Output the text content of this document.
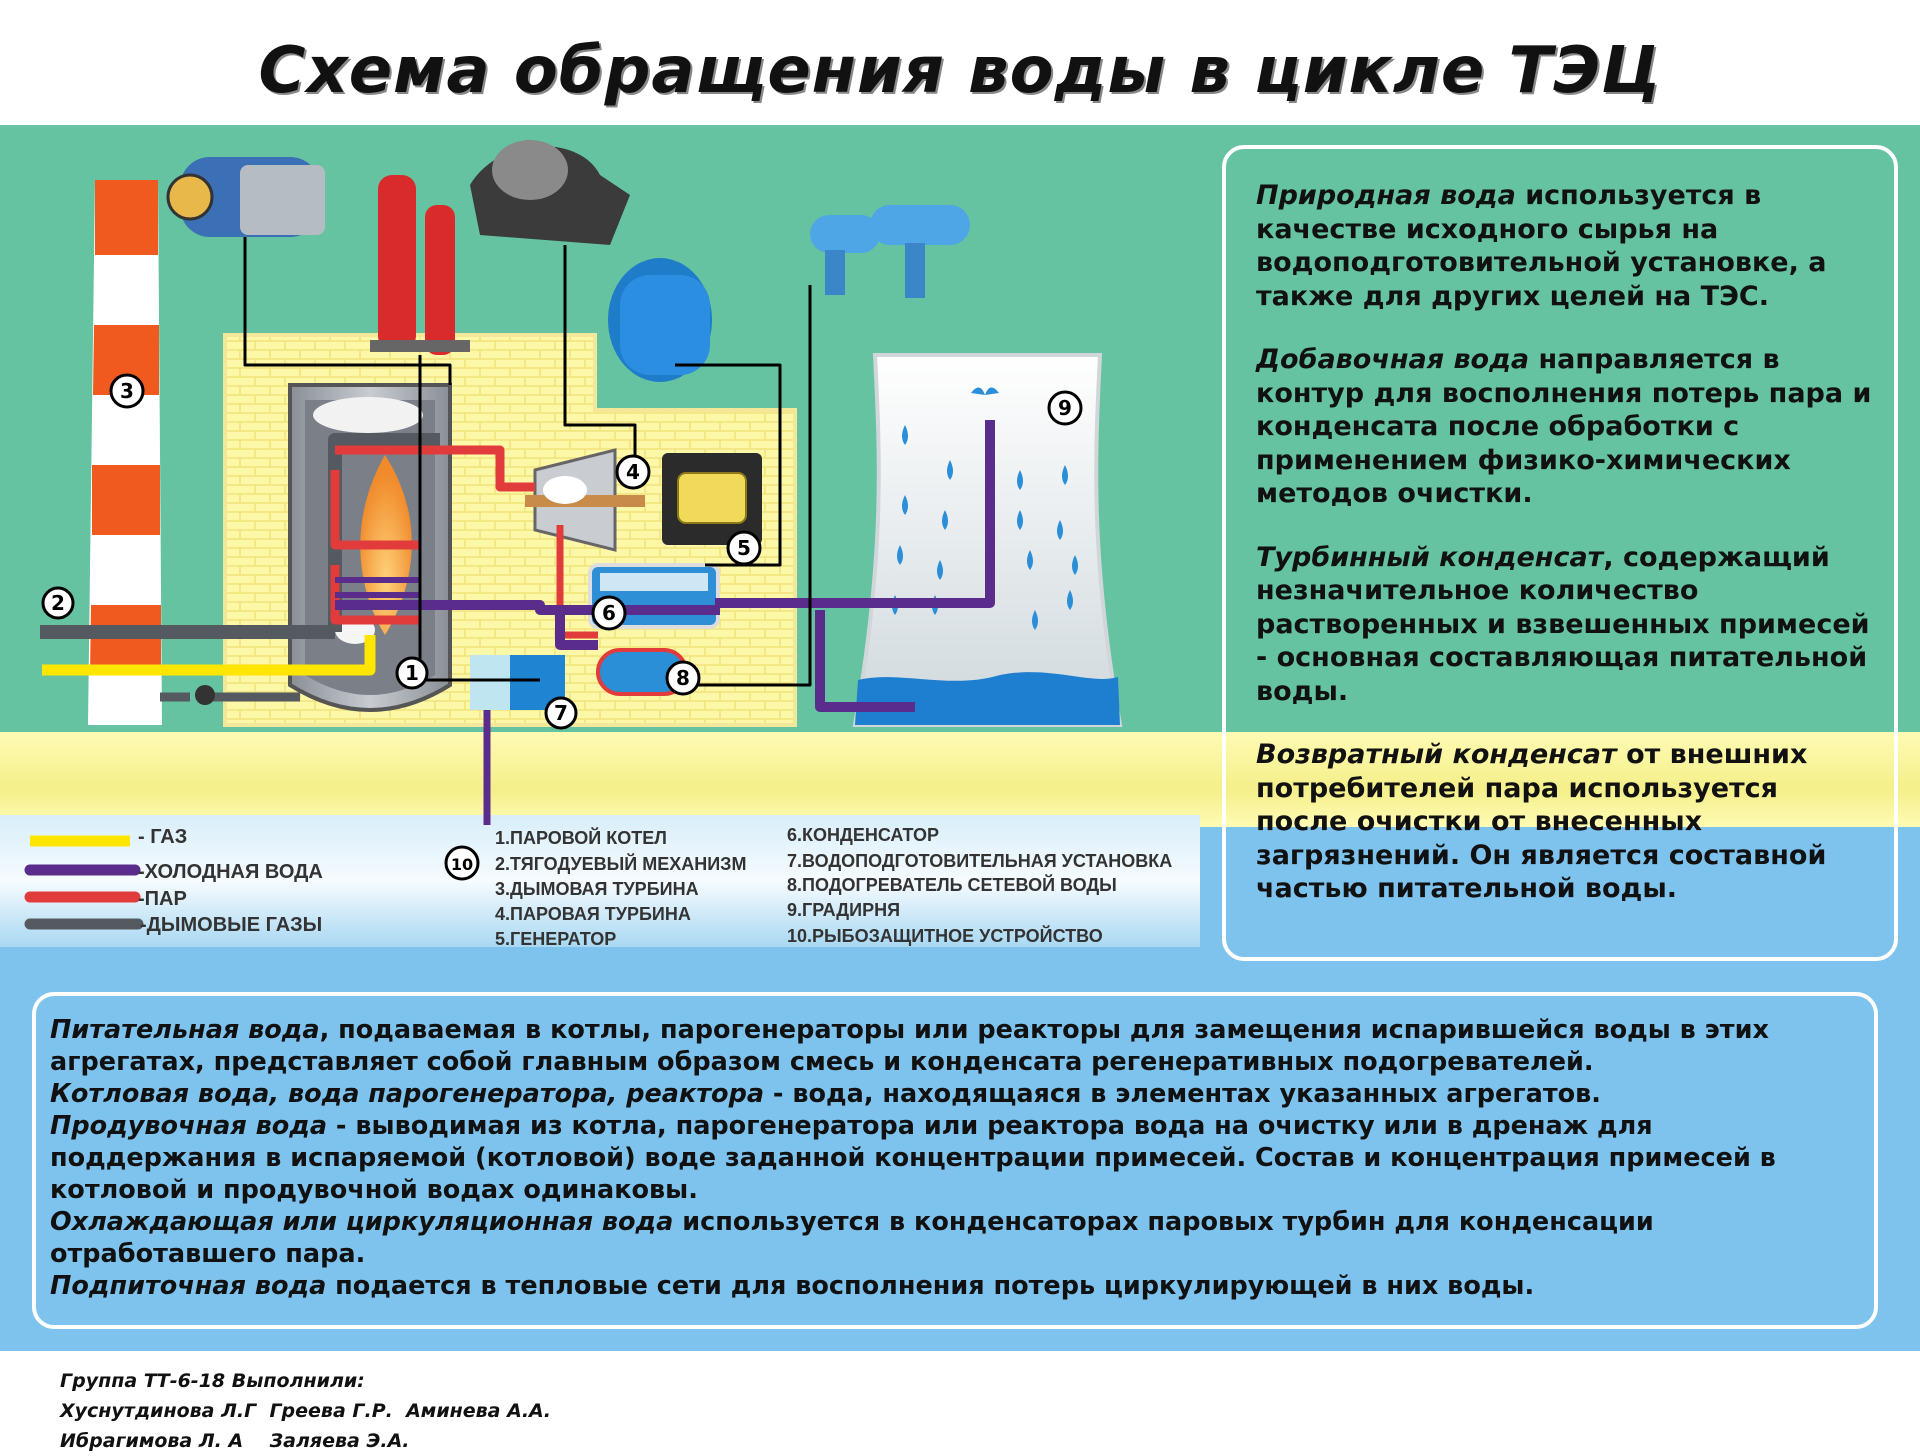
Схема обращения воды в цикле ТЭЦ
1
2
3
4
5
6
7
8
9
10
- ГАЗ
-ХОЛОДНАЯ ВОДА
-ПАР
-ДЫМОВЫЕ ГАЗЫ
1.ПАРОВОЙ КОТЕЛ
2.ТЯГОДУЕВЫЙ МЕХАНИЗМ
3.ДЫМОВАЯ ТУРБИНА
4.ПАРОВАЯ ТУРБИНА
5.ГЕНЕРАТОР
6.КОНДЕНСАТОР
7.ВОДОПОДГОТОВИТЕЛЬНАЯ УСТАНОВКА
8.ПОДОГРЕВАТЕЛЬ СЕТЕВОЙ ВОДЫ
9.ГРАДИРНЯ
10.РЫБОЗАЩИТНОЕ УСТРОЙСТВО

Природная вода используется в качестве исходного сырья на водоподготовительной установке, а также для других целей на ТЭС.

Добавочная вода направляется в контур для восполнения потерь пара и конденсата после обработки с применением физико-химических методов очистки.

Турбинный конденсат, содержащий незначительное количество растворенных и взвешенных примесей - основная составляющая питательной воды.

Возвратный конденсат от внешних потребителей пара используется после очистки от внесенных загрязнений. Он является составной частью питательной воды.

Питательная вода, подаваемая в котлы, парогенераторы или реакторы для замещения испарившейся воды в этих агрегатах, представляет собой главным образом смесь и конденсата регенеративных подогревателей.

Котловая вода, вода парогенератора, реактора - вода, находящаяся в элементах указанных агрегатов.

Продувочная вода - выводимая из котла, парогенератора или реактора вода на очистку или в дренаж для поддержания в испаряемой (котловой) воде заданной концентрации примесей. Состав и концентрация примесей в котловой и продувочной водах одинаковы.

Охлаждающая или циркуляционная вода используется в конденсаторах паровых турбин для конденсации отработавшего пара.

Подпиточная вода подается в тепловые сети для восполнения потерь циркулирующей в них воды.

Группа ТТ-6-18 Выполнили:
Хуснутдинова Л.Г  Греева Г.Р.  Аминева А.А.
Ибрагимова Л. А    Заляева Э.А.
